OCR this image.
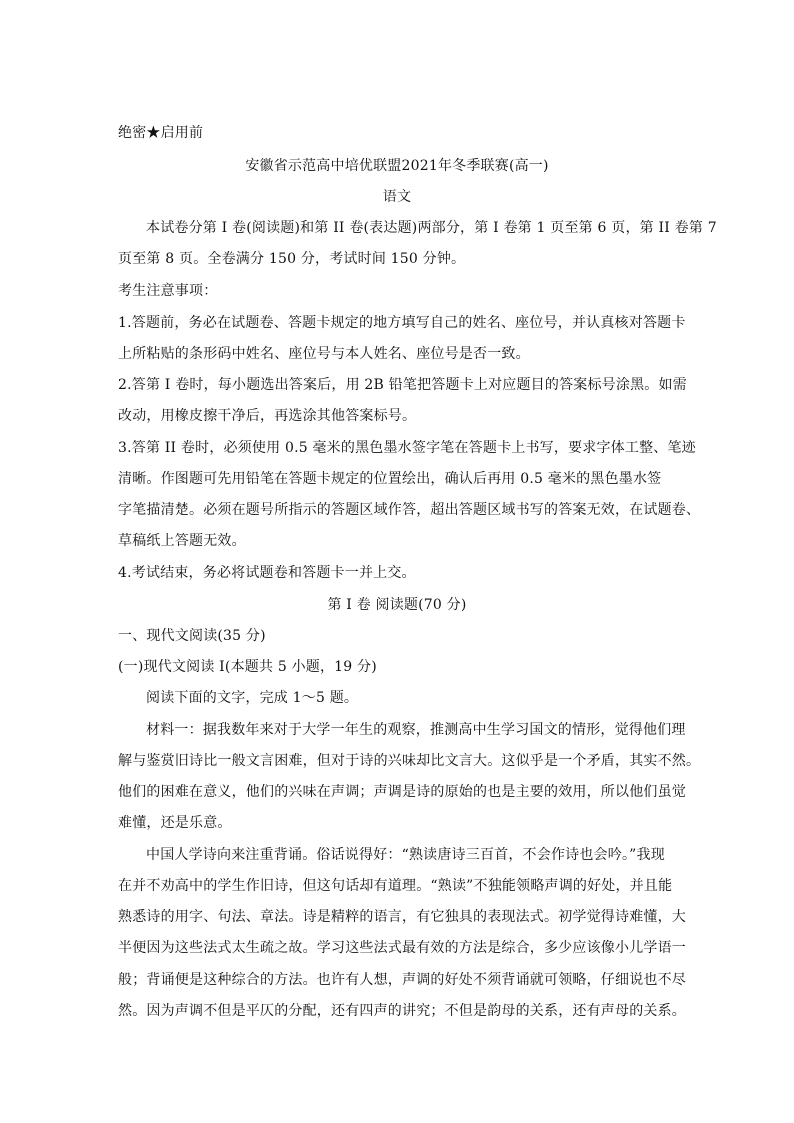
绝密★启用前
安徽省示范高中培优联盟2021年冬季联赛(高一)
语文
本试卷分第 I 卷(阅读题)和第 II 卷(表达题)两部分，第 I 卷第 1 页至第 6 页，第 II 卷第 7
页至第 8 页。全卷满分 150 分，考试时间 150 分钟。
考生注意事项：
1.答题前，务必在试题卷、答题卡规定的地方填写自己的姓名、座位号，并认真核对答题卡
上所粘贴的条形码中姓名、座位号与本人姓名、座位号是否一致。
2.答第 I 卷时，每小题选出答案后，用 2B 铅笔把答题卡上对应题目的答案标号涂黑。如需
改动，用橡皮擦干净后，再选涂其他答案标号。
3.答第 II 卷时，必须使用 0.5 毫米的黑色墨水签字笔在答题卡上书写，要求字体工整、笔迹
清晰。作图题可先用铅笔在答题卡规定的位置绘出，确认后再用 0.5 毫米的黑色墨水签
字笔描清楚。必须在题号所指示的答题区域作答，超出答题区域书写的答案无效，在试题卷、
草稿纸上答题无效。
4.考试结束，务必将试题卷和答题卡一并上交。
第 I 卷 阅读题(70 分)
一、现代文阅读(35 分)
(一)现代文阅读 I(本题共 5 小题，19 分)
阅读下面的文字，完成 1～5 题。
材料一：据我数年来对于大学一年生的观察，推测高中生学习国文的情形，觉得他们理
解与鉴赏旧诗比一般文言困难，但对于诗的兴味却比文言大。这似乎是一个矛盾，其实不然。
他们的困难在意义，他们的兴味在声调；声调是诗的原始的也是主要的效用，所以他们虽觉
难懂，还是乐意。
中国人学诗向来注重背诵。俗话说得好：“熟读唐诗三百首，不会作诗也会吟。”我现
在并不劝高中的学生作旧诗，但这句话却有道理。“熟读”不独能领略声调的好处，并且能
熟悉诗的用字、句法、章法。诗是精粹的语言，有它独具的表现法式。初学觉得诗难懂，大
半便因为这些法式太生疏之故。学习这些法式最有效的方法是综合，多少应该像小儿学语一
般；背诵便是这种综合的方法。也许有人想，声调的好处不须背诵就可领略，仔细说也不尽
然。因为声调不但是平仄的分配，还有四声的讲究；不但是韵母的关系，还有声母的关系。
